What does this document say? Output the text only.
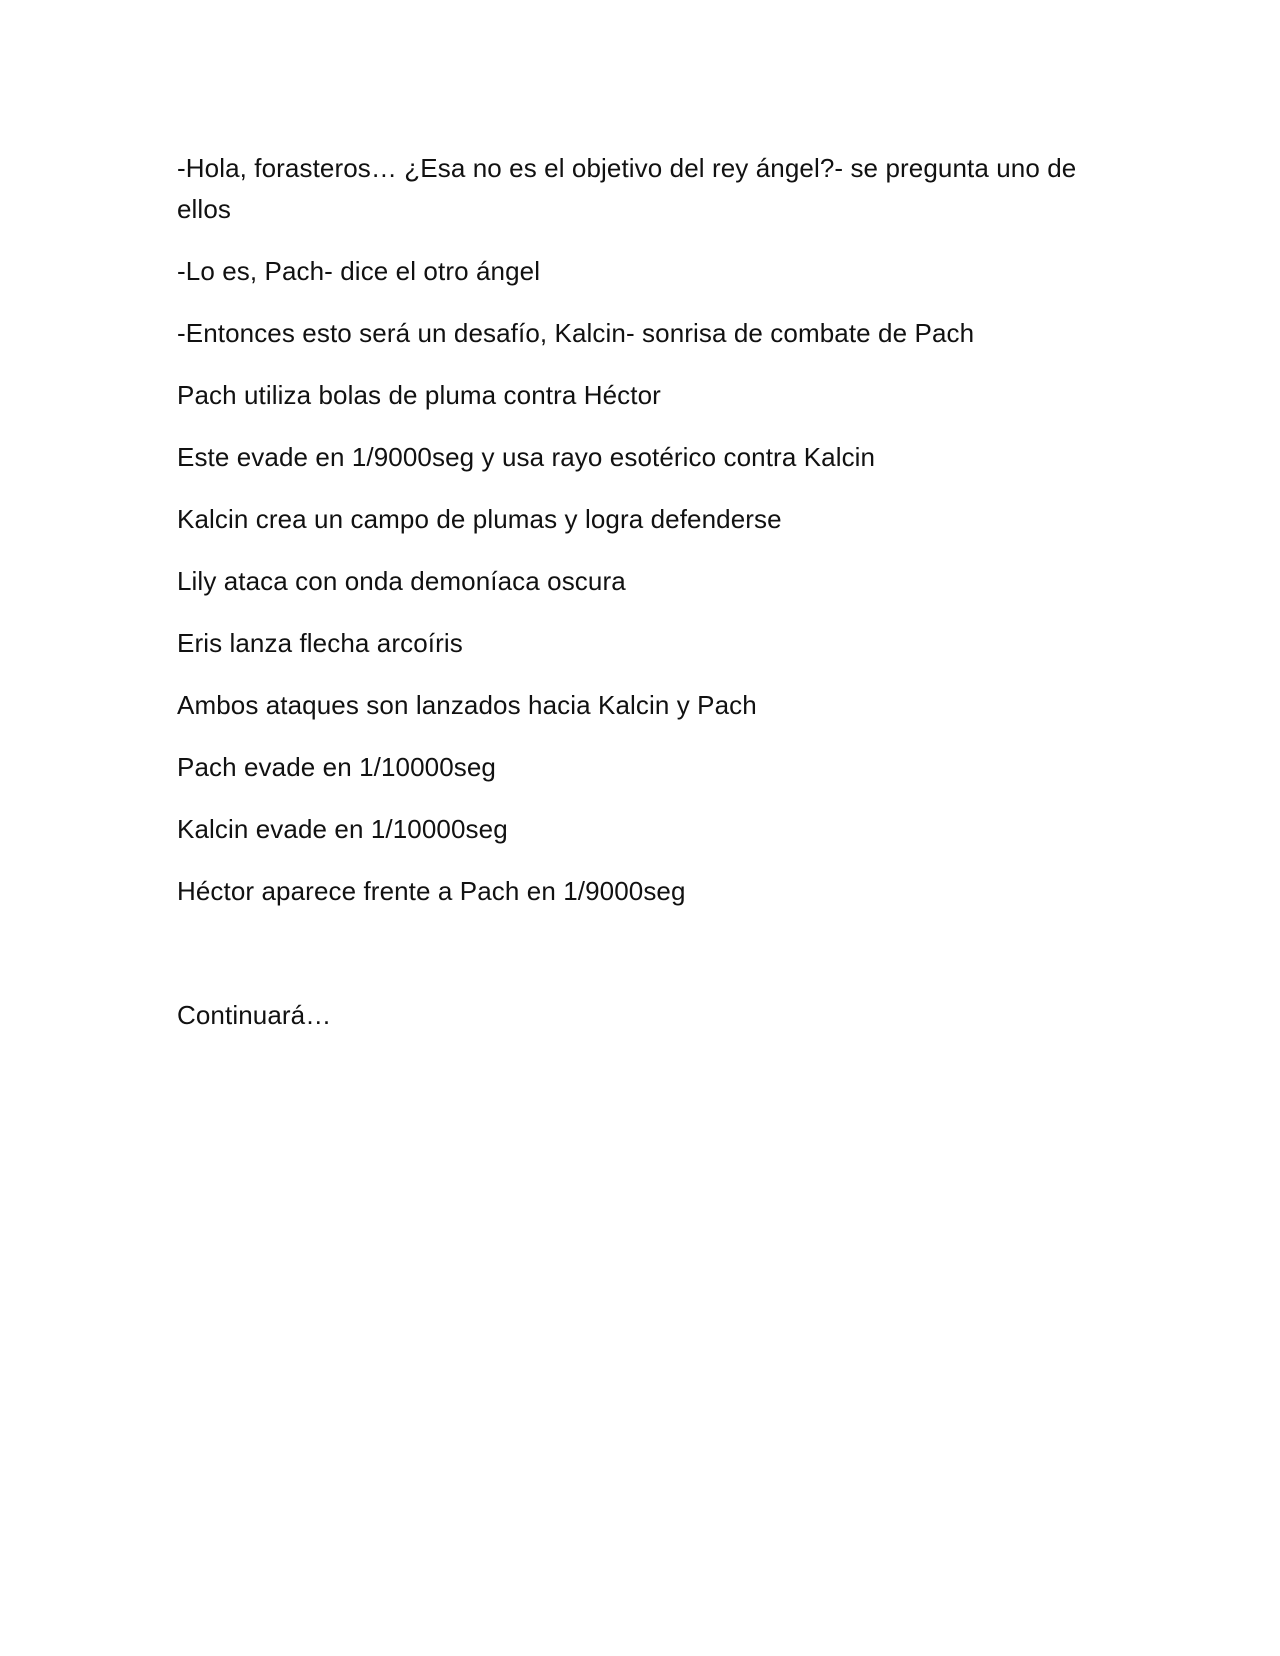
-Hola, forasteros… ¿Esa no es el objetivo del rey ángel?- se pregunta uno de ellos

-Lo es, Pach- dice el otro ángel

-Entonces esto será un desafío, Kalcin- sonrisa de combate de Pach

Pach utiliza bolas de pluma contra Héctor

Este evade en 1/9000seg y usa rayo esotérico contra Kalcin

Kalcin crea un campo de plumas y logra defenderse

Lily ataca con onda demoníaca oscura

Eris lanza flecha arcoíris

Ambos ataques son lanzados hacia Kalcin y Pach

Pach evade en 1/10000seg

Kalcin evade en 1/10000seg

Héctor aparece frente a Pach en 1/9000seg

Continuará…
